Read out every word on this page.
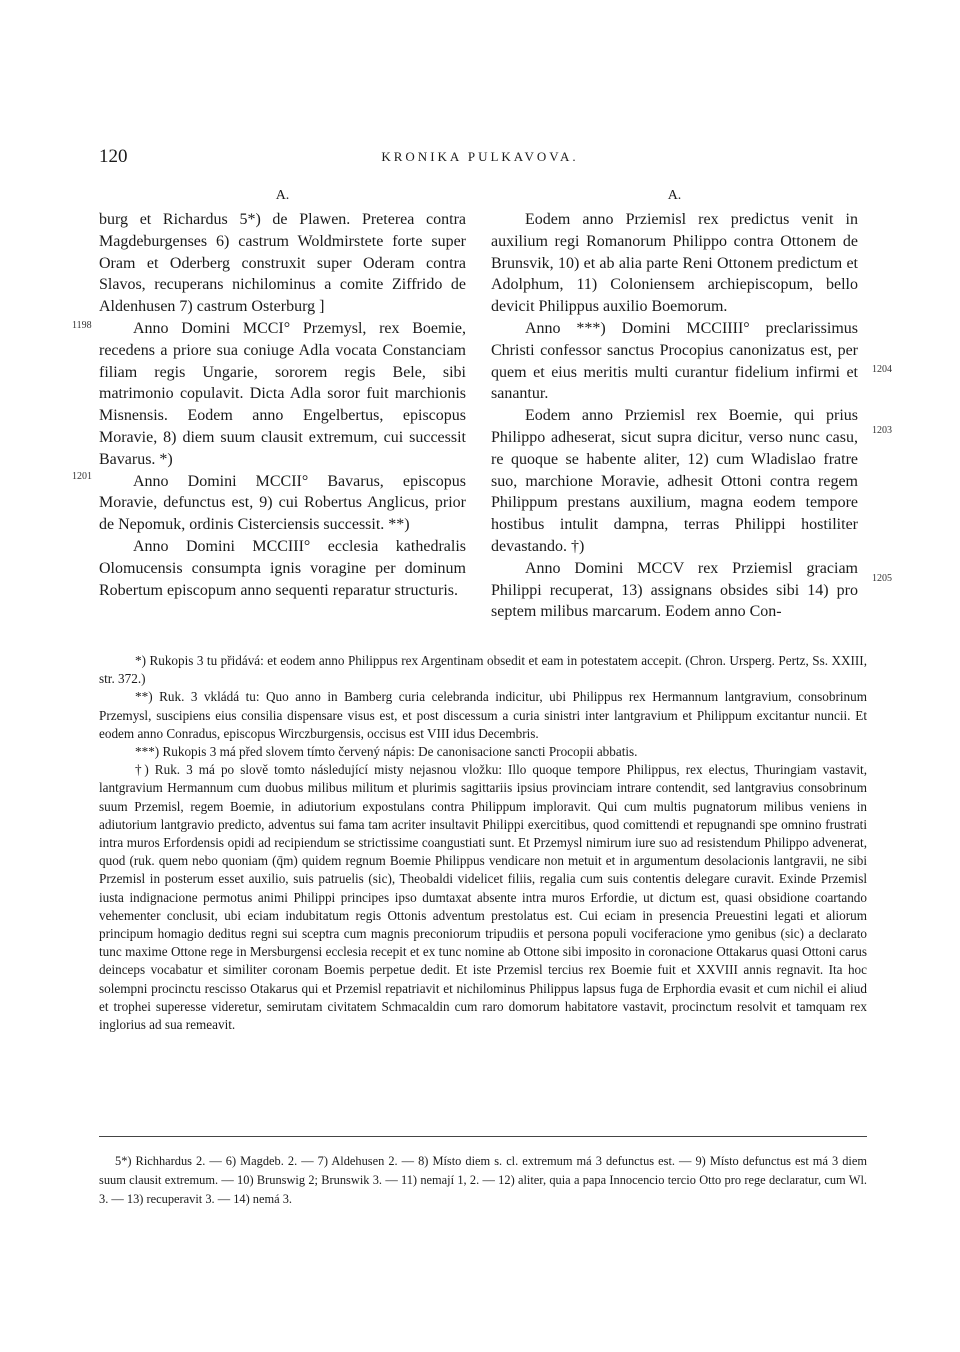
120	KRONIKA PULKAVOVA.
A.

burg et Richardus 5*) de Plawen. Preterea contra Magdeburgenses 6) castrum Woldmirstete forte super Oram et Oderberg construxit super Oderam contra Slavos, recuperans nichilominus a comite Ziffrido de Aldenhusen 7) castrum Osterburg ]

Anno Domini MCCI° Przemysl, rex Boemie, recedens a priore sua coniuge Adla vocata Constanciam filiam regis Ungarie, sororem regis Bele, sibi matrimonio copulavit. Dicta Adla soror fuit marchionis Misnensis. Eodem anno Engelbertus, episcopus Moravie, 8) diem suum clausit extremum, cui successit Bavarus. *)

Anno Domini MCCII° Bavarus, episcopus Moravie, defunctus est, 9) cui Robertus Anglicus, prior de Nepomuk, ordinis Cisterciensis successit. **)

Anno Domini MCCIII° ecclesia kathedralis Olomucensis consumpta ignis voragine per dominum Robertum episcopum anno sequenti reparatur structuris.

A.

Eodem anno Prziemisl rex predictus venit in auxilium regi Romanorum Philippo contra Ottonem de Brunsvik, 10) et ab alia parte Reni Ottonem predictum et Adolphum, 11) Coloniensem archiepiscopum, bello devicit Philippus auxilio Boemorum.

Anno ***) Domini MCCIIII° preclarissimus Christi confessor sanctus Procopius canonizatus est, per quem et eius meritis multi curantur fidelium infirmi et sanantur.

Eodem anno Prziemisl rex Boemie, qui prius Philippo adheserat, sicut supra dicitur, verso nunc casu, re quoque se habente aliter, 12) cum Wladislao fratre suo, marchione Moravie, adhesit Ottoni contra regem Philippum prestans auxilium, magna eodem tempore hostibus intulit dampna, terras Philippi hostiliter devastando. †)

Anno Domini MCCV rex Prziemisl graciam Philippi recuperat, 13) assignans obsides sibi 14) pro septem milibus marcarum. Eodem anno Con-

1198
1201
1204
1203
1205

*) Rukopis 3 tu přidává: et eodem anno Philippus rex Argentinam obsedit et eam in potestatem accepit. (Chron. Ursperg. Pertz, Ss. XXIII, str. 372.)

**) Ruk. 3 vkládá tu: Quo anno in Bamberg curia celebranda indicitur, ubi Philippus rex Hermannum lantgravium, consobrinum Przemysl, suscipiens eius consilia dispensare visus est, et post discessum a curia sinistri inter lantgravium et Philippum excitantur nuncii. Et eodem anno Conradus, episcopus Wirczburgensis, occisus est VIII idus Decembris.

***) Rukopis 3 má před slovem tímto červený nápis: De canonisacione sancti Procopii abbatis.

†) Ruk. 3 má po slově tomto následující misty nejasnou vložku: Illo quoque tempore Philippus, rex electus, Thuringiam vastavit, lantgravium Hermannum cum duobus milibus militum et plurimis sagittariis ipsius provinciam intrare contendit, sed lantgravius consobrinum suum Przemisl, regem Boemie, in adiutorium expostulans contra Philippum imploravit. Qui cum multis pugnatorum milibus veniens in adiutorium lantgravio predicto, adventus sui fama tam acriter insultavit Philippi exercitibus, quod comittendi et repugnandi spe omnino frustrati intra muros Erfordensis opidi ad recipiendum se strictissime coangustiati sunt. Et Przemysl nimirum iure suo ad resistendum Philippo advenerat, quod (ruk. quem nebo quoniam (q̄m) quidem regnum Boemie Philippus vendicare non metuit et in argumentum desolacionis lantgravii, ne sibi Przemisl in posterum esset auxilio, suis patruelis (sic), Theobaldi videlicet filiis, regalia cum suis contentis delegare curavit. Exinde Przemisl iusta indignacione permotus animi Philippi principes ipso dumtaxat absente intra muros Erfordie, ut dictum est, quasi obsidione coartando vehementer conclusit, ubi eciam indubitatum regis Ottonis adventum prestolatus est. Cui eciam in presencia Preuestini legati et aliorum principum homagio deditus regni sui sceptra cum magnis preconiorum tripudiis et persona populi vociferacione ymo genibus (sic) a declarato tunc maxime Ottone rege in Mersburgensi ecclesia recepit et ex tunc nomine ab Ottone sibi imposito in coronacione Ottakarus quasi Ottoni carus deinceps vocabatur et similiter coronam Boemis perpetue dedit. Et iste Przemisl tercius rex Boemie fuit et XXVIII annis regnavit. Ita hoc solempni procinctu rescisso Otakarus qui et Przemisl repatriavit et nichilominus Philippus lapsus fuga de Erphordia evasit et cum nichil ei aliud et trophei superesse videretur, semirutam civitatem Schmacaldin cum raro domorum habitatore vastavit, procinctum resolvit et tamquam rex inglorius ad sua remeavit.

5*) Richhardus 2. — 6) Magdeb. 2. — 7) Aldehusen 2. — 8) Místo diem s. cl. extremum má 3 defunctus est. — 9) Místo defunctus est má 3 diem suum clausit extremum. — 10) Brunswig 2; Brunswik 3. — 11) nemají 1, 2. — 12) aliter, quia a papa Innocencio tercio Otto pro rege declaratur, cum Wl. 3. — 13) recuperavit 3. — 14) nemá 3.
